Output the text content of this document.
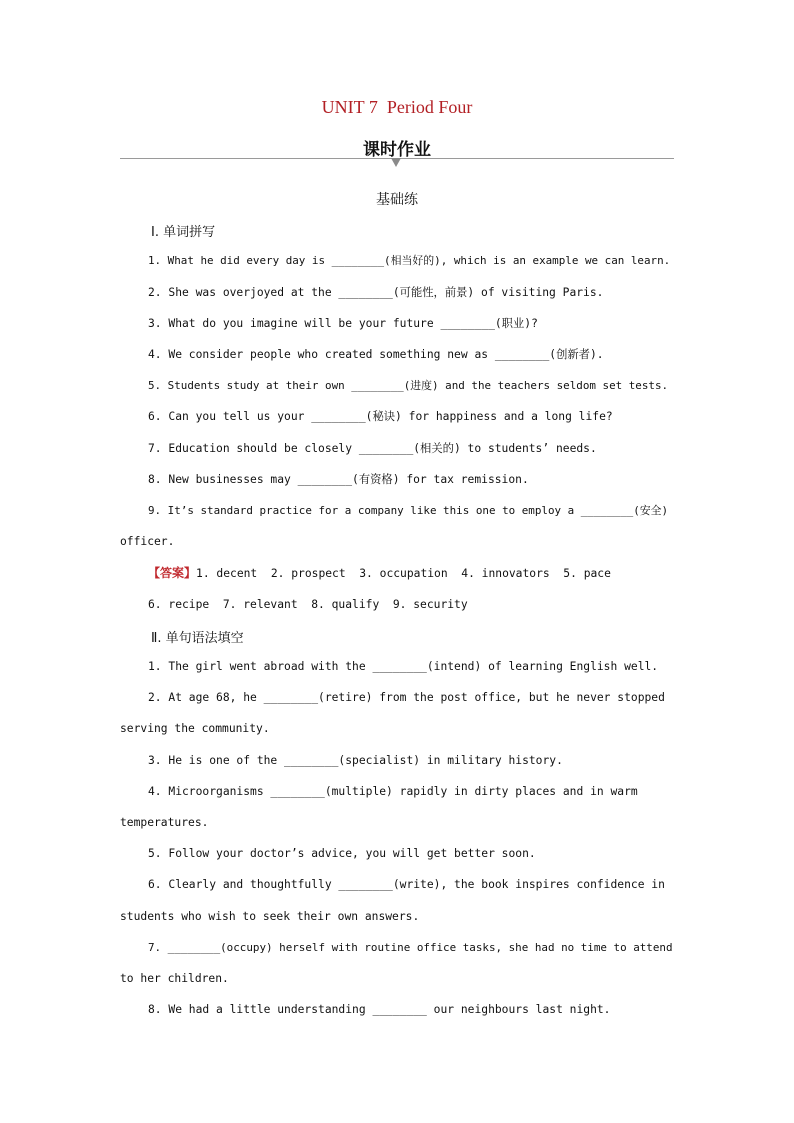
UNIT 7  Period Four
课时作业
基础练
Ⅰ. 单词拼写
1. What he did every day is ________(相当好的), which is an example we can learn.
2. She was overjoyed at the ________(可能性，前景) of visiting Paris.
3. What do you imagine will be your future ________(职业)?
4. We consider people who created something new as ________(创新者).
5. Students study at their own ________(进度) and the teachers seldom set tests.
6. Can you tell us your ________(秘诀) for happiness and a long life?
7. Education should be closely ________(相关的) to students’ needs.
8. New businesses may ________(有资格) for tax remission.
9. It’s standard practice for a company like this one to employ a ________(安全)
officer.
【答案】1. decent  2. prospect  3. occupation  4. innovators  5. pace
6. recipe  7. relevant  8. qualify  9. security
Ⅱ. 单句语法填空
1. The girl went abroad with the ________(intend) of learning English well.
2. At age 68, he ________(retire) from the post office, but he never stopped
serving the community.
3. He is one of the ________(specialist) in military history.
4. Microorganisms ________(multiple) rapidly in dirty places and in warm
temperatures.
5. Follow your doctor’s advice, you will get better soon.
6. Clearly and thoughtfully ________(write), the book inspires confidence in
students who wish to seek their own answers.
7. ________(occupy) herself with routine office tasks, she had no time to attend
to her children.
8. We had a little understanding ________ our neighbours last night.
